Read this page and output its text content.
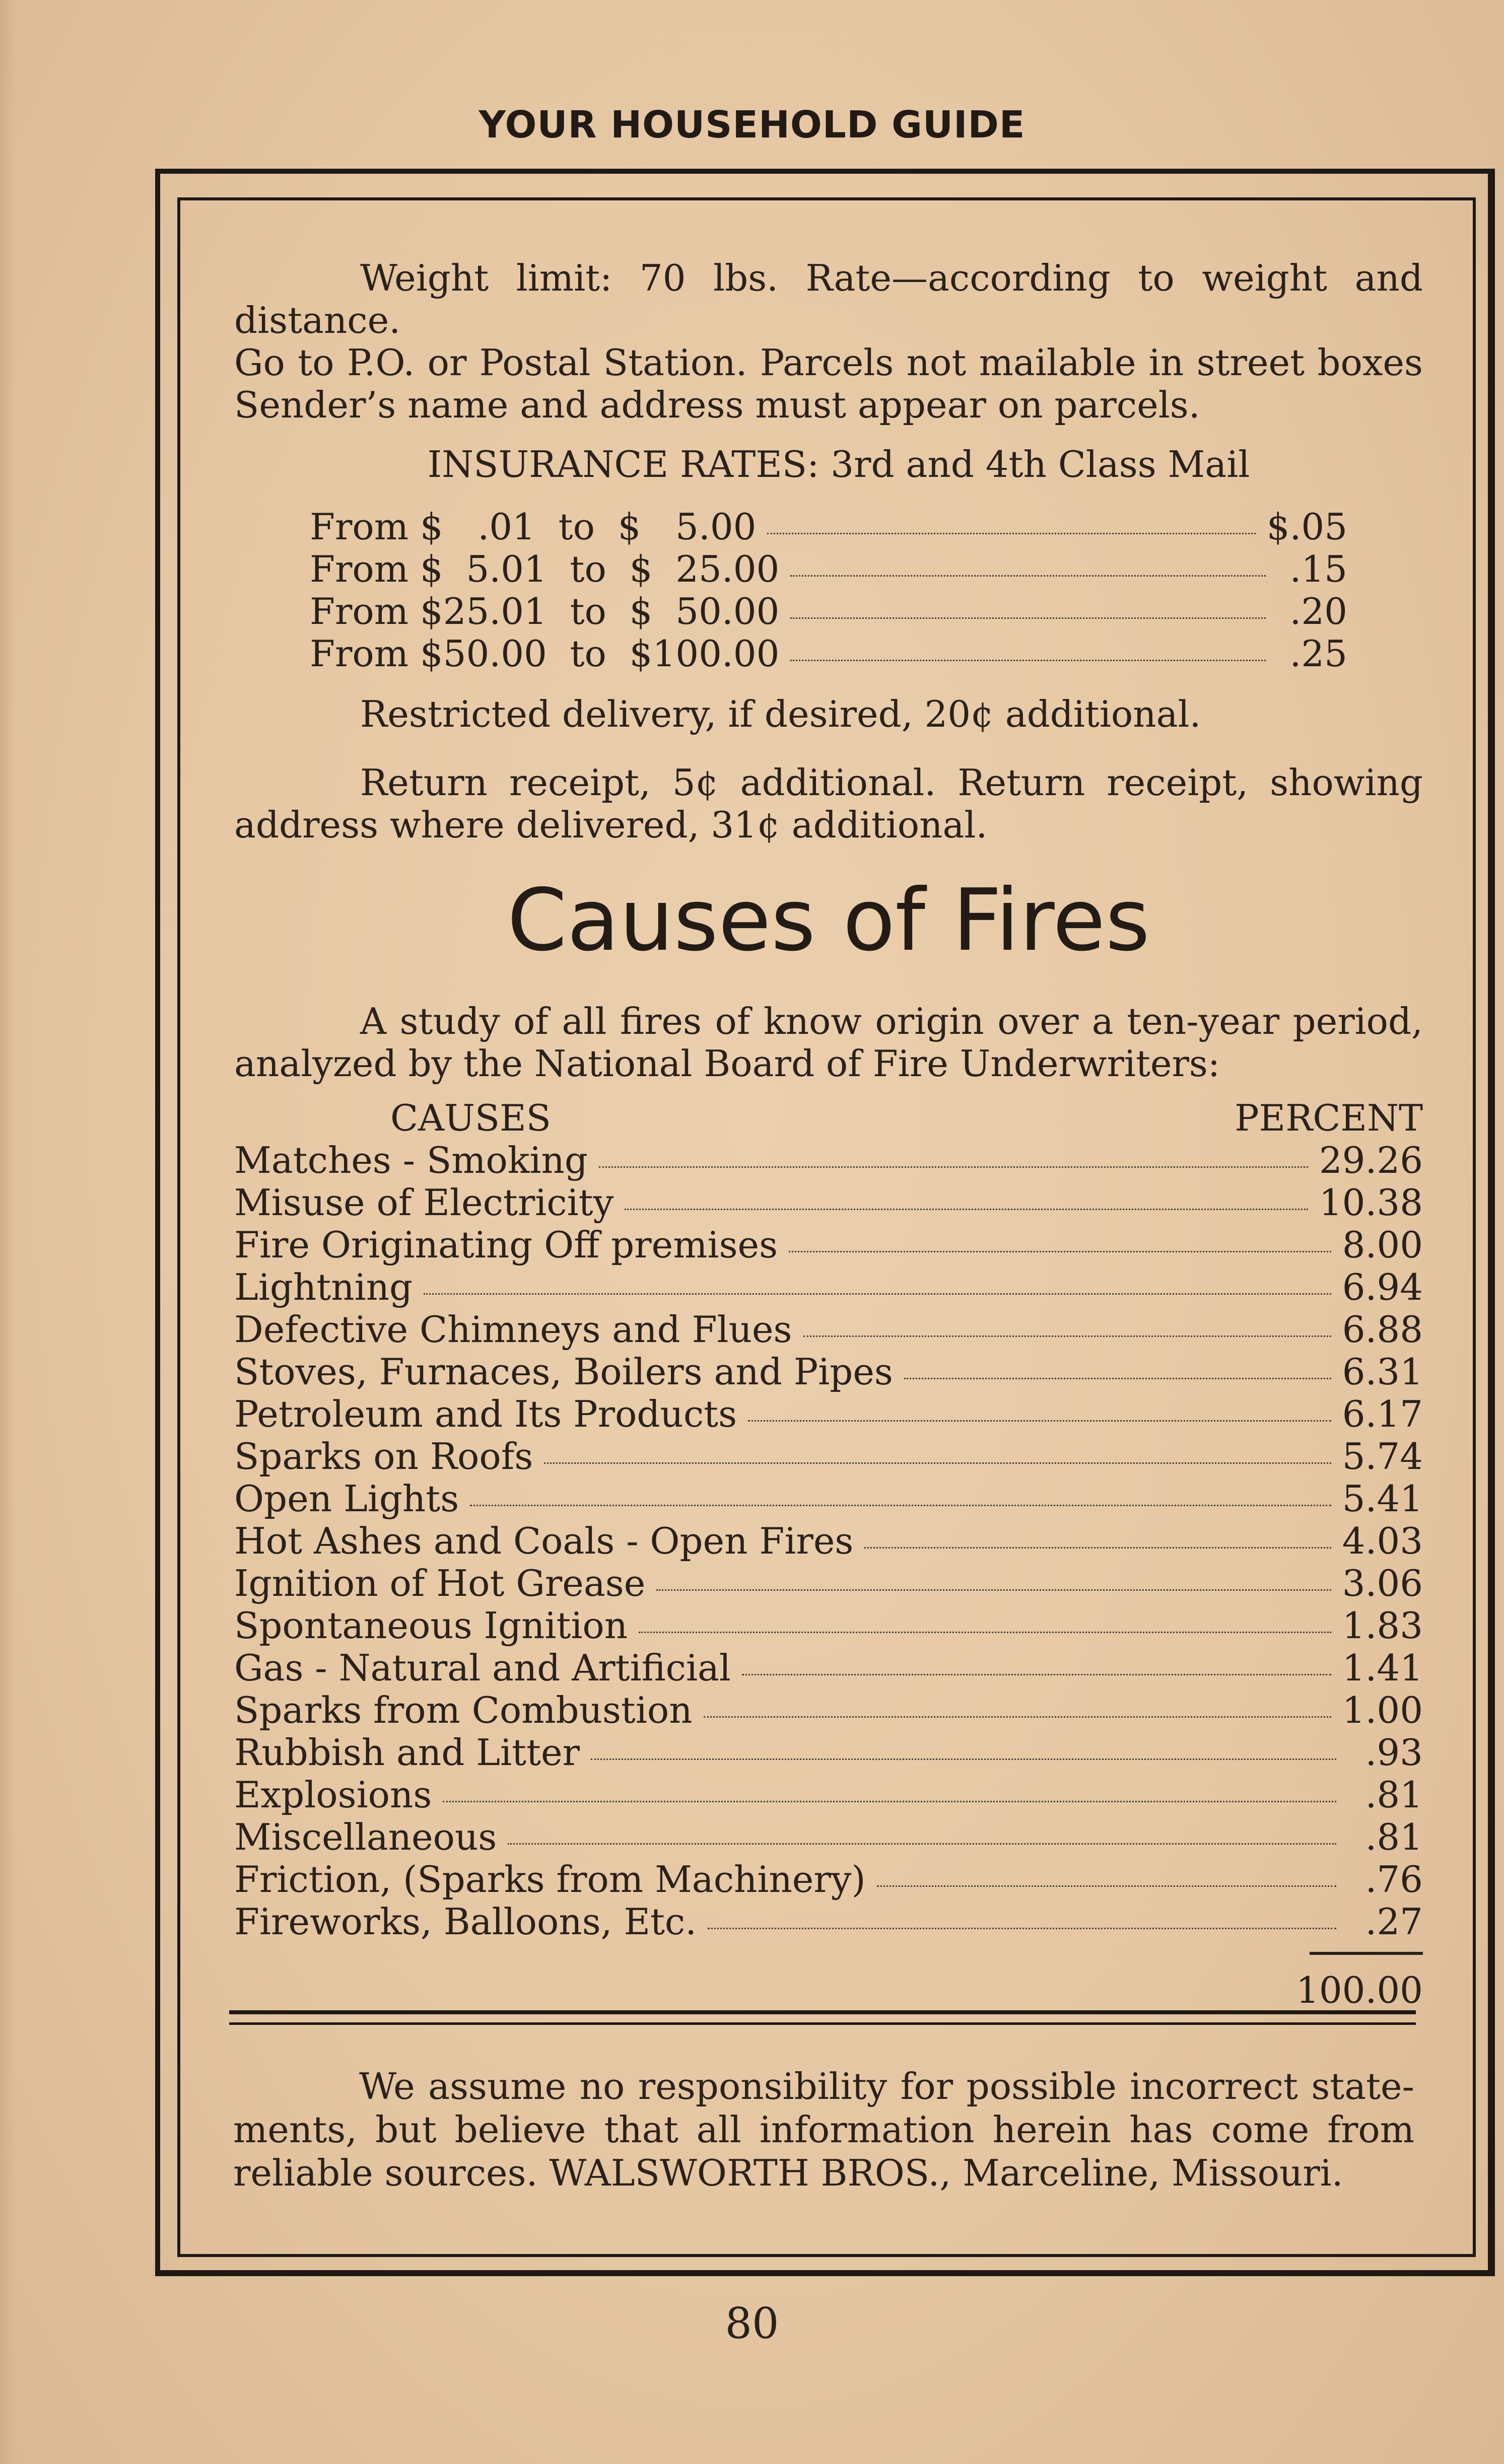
YOUR HOUSEHOLD GUIDE

Weight limit: 70 lbs. Rate—according to weight and distance.
Go to P.O. or Postal Station. Parcels not mailable in street boxes
Sender’s name and address must appear on parcels.

INSURANCE RATES: 3rd and 4th Class Mail
From $   .01  to  $   5.00	$.05
From $  5.01  to  $  25.00	.15
From $25.01  to  $  50.00	.20
From $50.00  to  $100.00	.25

Restricted delivery, if desired, 20¢ additional.

Return receipt, 5¢ additional. Return receipt, showing
address where delivered, 31¢ additional.

Causes of Fires

A study of all fires of know origin over a ten-year period,
analyzed by the National Board of Fire Underwriters:

CAUSES	PERCENT
Matches - Smoking	29.26
Misuse of Electricity	10.38
Fire Originating Off premises	8.00
Lightning	6.94
Defective Chimneys and Flues	6.88
Stoves, Furnaces, Boilers and Pipes	6.31
Petroleum and Its Products	6.17
Sparks on Roofs	5.74
Open Lights	5.41
Hot Ashes and Coals - Open Fires	4.03
Ignition of Hot Grease	3.06
Spontaneous Ignition	1.83
Gas - Natural and Artificial	1.41
Sparks from Combustion	1.00
Rubbish and Litter	.93
Explosions	.81
Miscellaneous	.81
Friction, (Sparks from Machinery)	.76
Fireworks, Balloons, Etc.	.27
100.00

We assume no responsibility for possible incorrect state-
ments, but believe that all information herein has come from
reliable sources. WALSWORTH BROS., Marceline, Missouri.

80
